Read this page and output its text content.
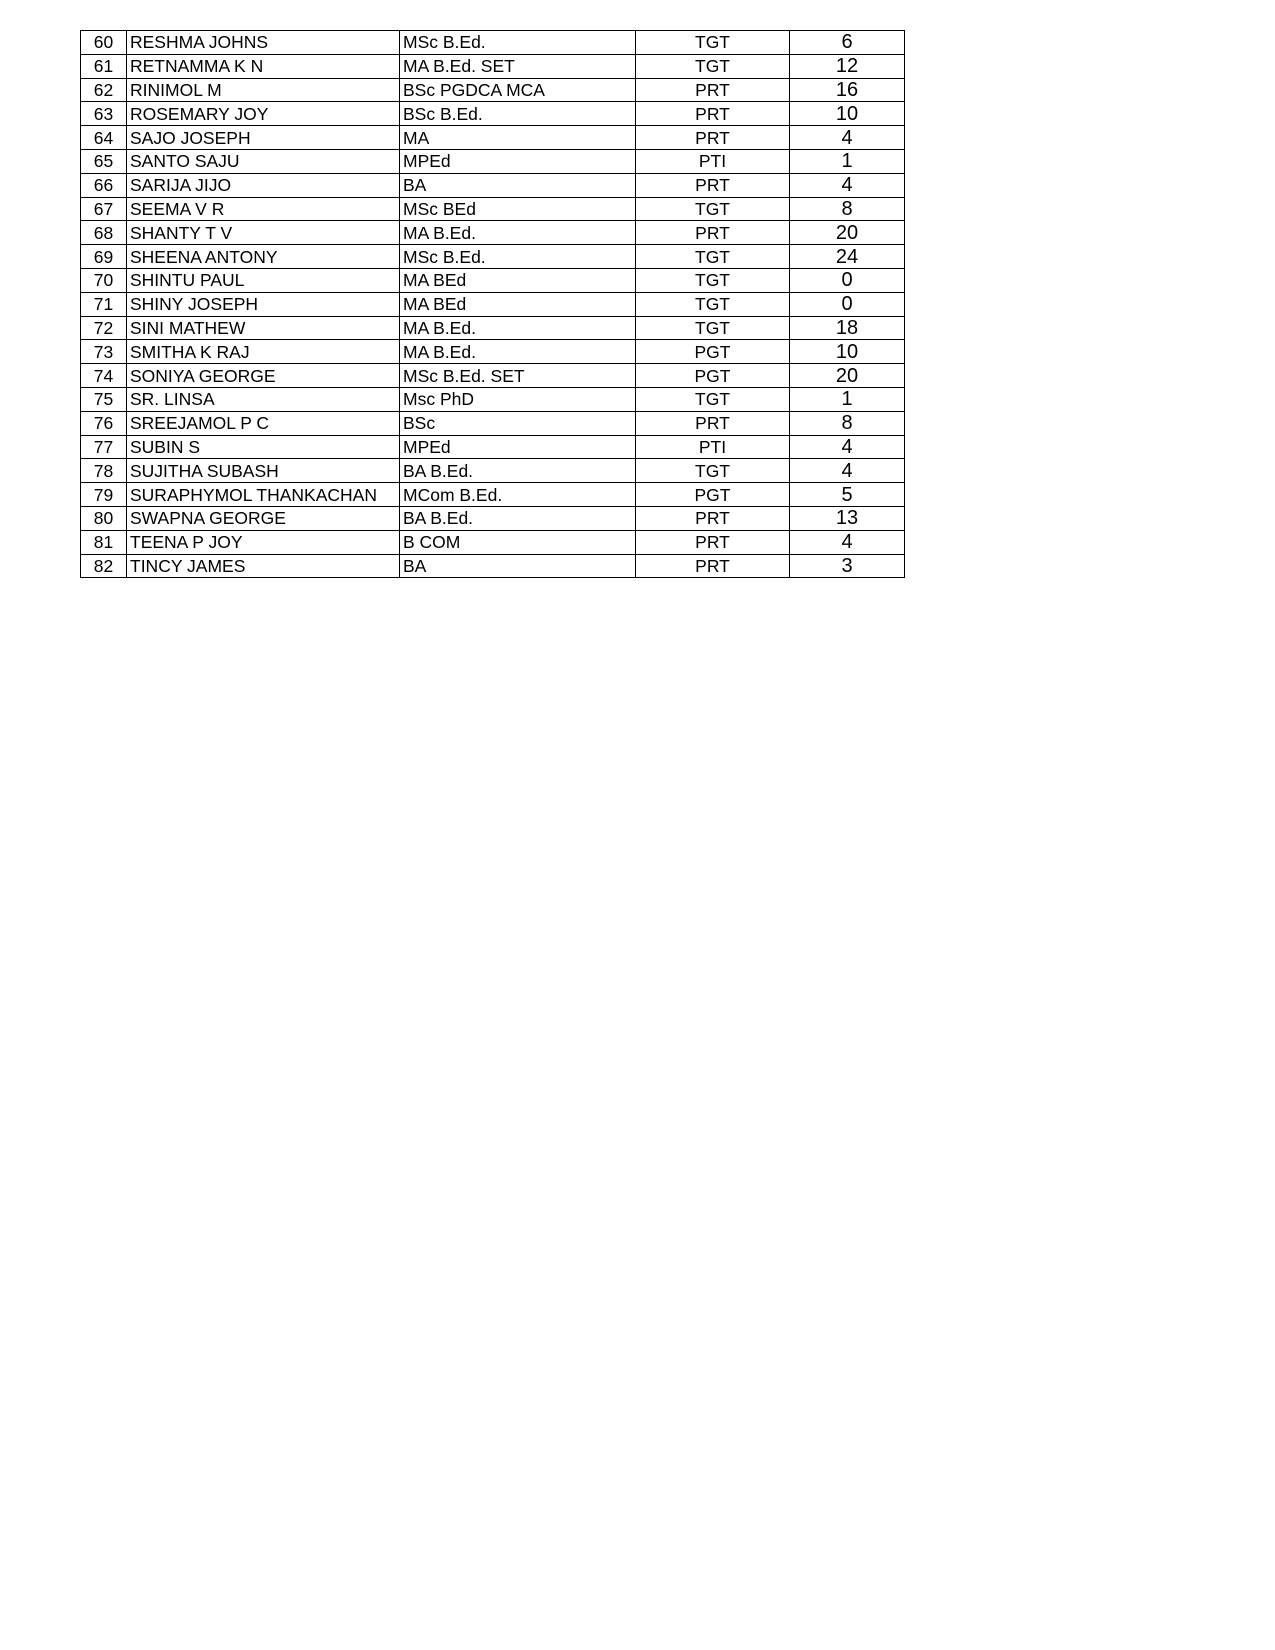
60	RESHMA JOHNS	MSc B.Ed.	TGT	6
61	RETNAMMA K N	MA B.Ed. SET	TGT	12
62	RINIMOL M	BSc PGDCA MCA	PRT	16
63	ROSEMARY JOY	BSc B.Ed.	PRT	10
64	SAJO JOSEPH	MA	PRT	4
65	SANTO SAJU	MPEd	PTI	1
66	SARIJA JIJO	BA	PRT	4
67	SEEMA V R	MSc BEd	TGT	8
68	SHANTY T V	MA B.Ed.	PRT	20
69	SHEENA ANTONY	MSc B.Ed.	TGT	24
70	SHINTU PAUL	MA BEd	TGT	0
71	SHINY JOSEPH	MA BEd	TGT	0
72	SINI MATHEW	MA B.Ed.	TGT	18
73	SMITHA K RAJ	MA B.Ed.	PGT	10
74	SONIYA GEORGE	MSc B.Ed. SET	PGT	20
75	SR. LINSA	Msc PhD	TGT	1
76	SREEJAMOL P C	BSc	PRT	8
77	SUBIN S	MPEd	PTI	4
78	SUJITHA SUBASH	BA B.Ed.	TGT	4
79	SURAPHYMOL THANKACHAN	MCom B.Ed.	PGT	5
80	SWAPNA GEORGE	BA B.Ed.	PRT	13
81	TEENA P JOY	B COM	PRT	4
82	TINCY JAMES	BA	PRT	3
